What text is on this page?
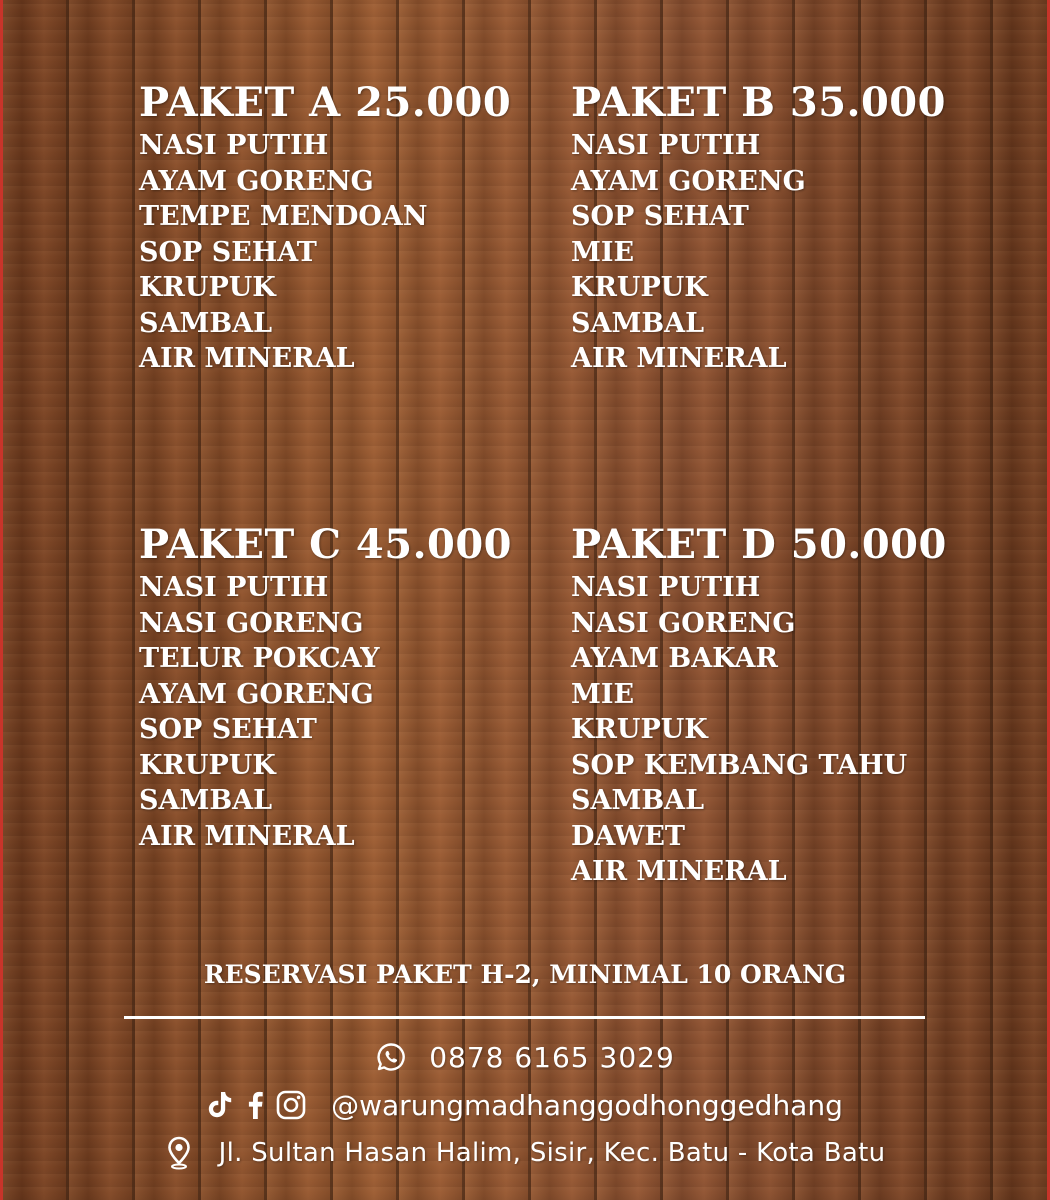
PAKET A 25.000
NASI PUTIH
AYAM GORENG
TEMPE MENDOAN
SOP SEHAT
KRUPUK
SAMBAL
AIR MINERAL
PAKET B 35.000
NASI PUTIH
AYAM GORENG
SOP SEHAT
MIE
KRUPUK
SAMBAL
AIR MINERAL
PAKET C 45.000
NASI PUTIH
NASI GORENG
TELUR POKCAY
AYAM GORENG
SOP SEHAT
KRUPUK
SAMBAL
AIR MINERAL
PAKET D 50.000
NASI PUTIH
NASI GORENG
AYAM BAKAR
MIE
KRUPUK
SOP KEMBANG TAHU
SAMBAL
DAWET
AIR MINERAL
RESERVASI PAKET H-2, MINIMAL 10 ORANG
0878 6165 3029
@warungmadhanggodhonggedhang
Jl. Sultan Hasan Halim, Sisir, Kec. Batu - Kota Batu
